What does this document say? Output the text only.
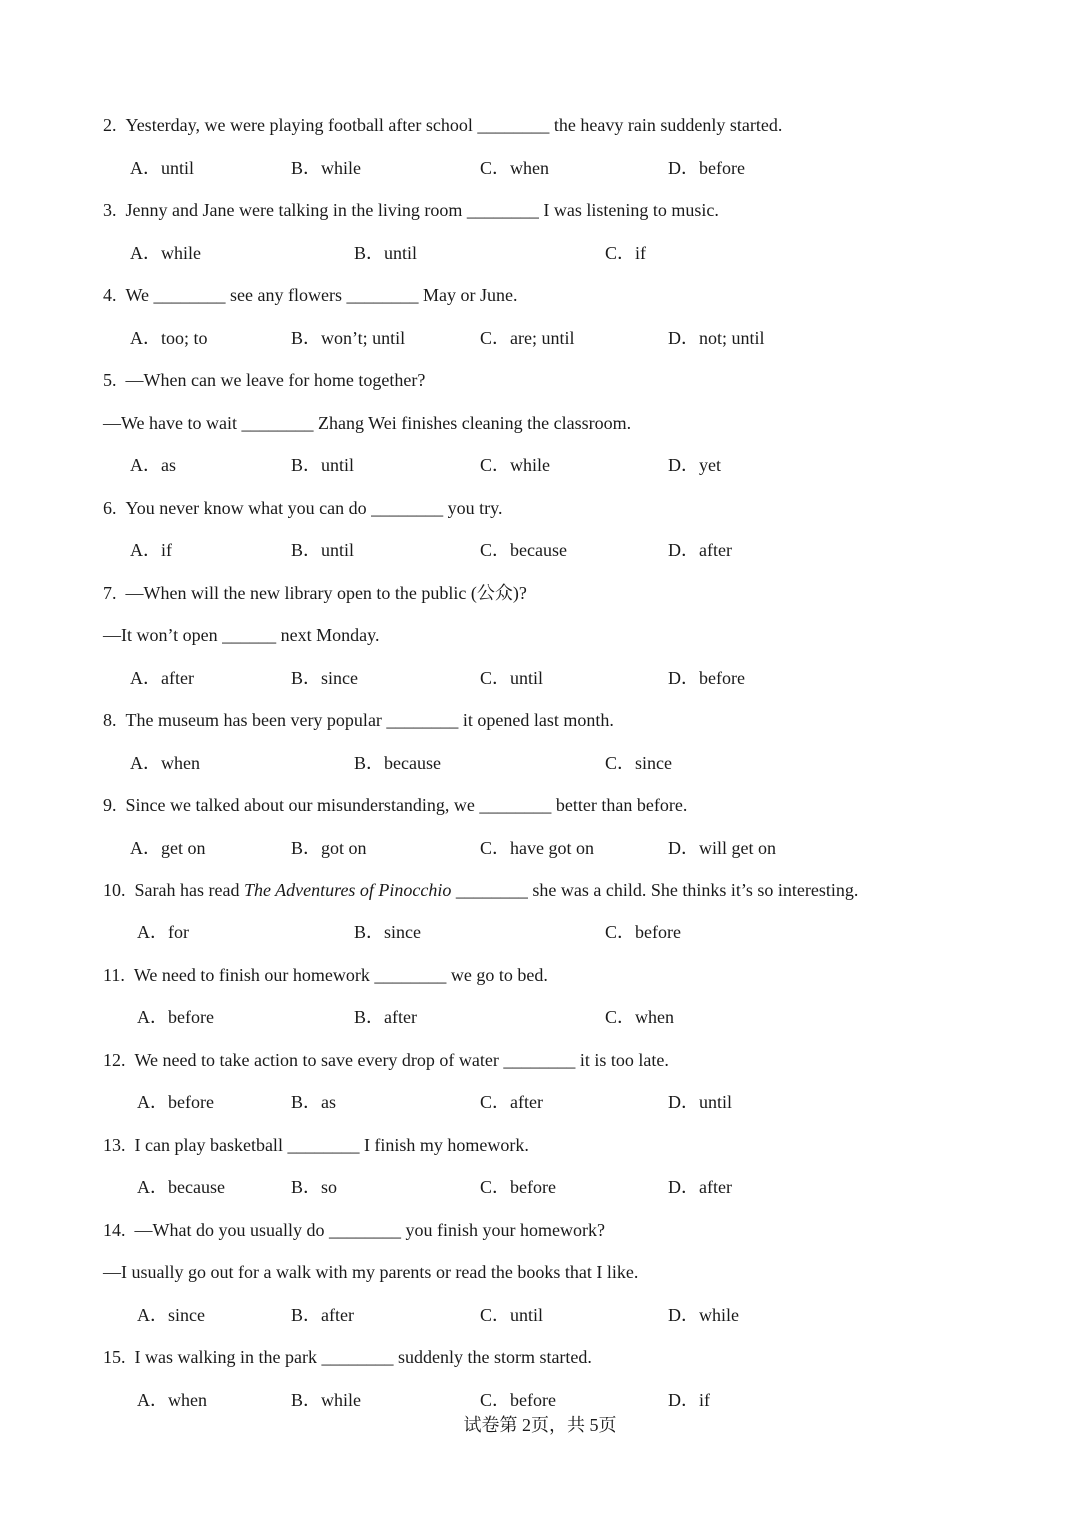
2. Yesterday, we were playing football after school ________ the heavy rain suddenly started.
A．until	B．while	C．when	D．before
3. Jenny and Jane were talking in the living room ________ I was listening to music.
A．while	B．until	C．if
4. We ________ see any flowers ________ May or June.
A．too; to	B．won’t; until	C．are; until	D．not; until
5. —When can we leave for home together?
—We have to wait ________ Zhang Wei finishes cleaning the classroom.
A．as	B．until	C．while	D．yet
6. You never know what you can do ________ you try.
A．if	B．until	C．because	D．after
7. —When will the new library open to the public (公众)?
—It won’t open ______ next Monday.
A．after	B．since	C．until	D．before
8. The museum has been very popular ________ it opened last month.
A．when	B．because	C．since
9. Since we talked about our misunderstanding, we ________ better than before.
A．get on	B．got on	C．have got on	D．will get on
10. Sarah has read The Adventures of Pinocchio ________ she was a child. She thinks it’s so interesting.
A．for	B．since	C．before
11. We need to finish our homework ________ we go to bed.
A．before	B．after	C．when
12. We need to take action to save every drop of water ________ it is too late.
A．before	B．as	C．after	D．until
13. I can play basketball ________ I finish my homework.
A．because	B．so	C．before	D．after
14. —What do you usually do ________ you finish your homework?
—I usually go out for a walk with my parents or read the books that I like.
A．since	B．after	C．until	D．while
15. I was walking in the park ________ suddenly the storm started.
A．when	B．while	C．before	D．if
试卷第 2页，共 5页
